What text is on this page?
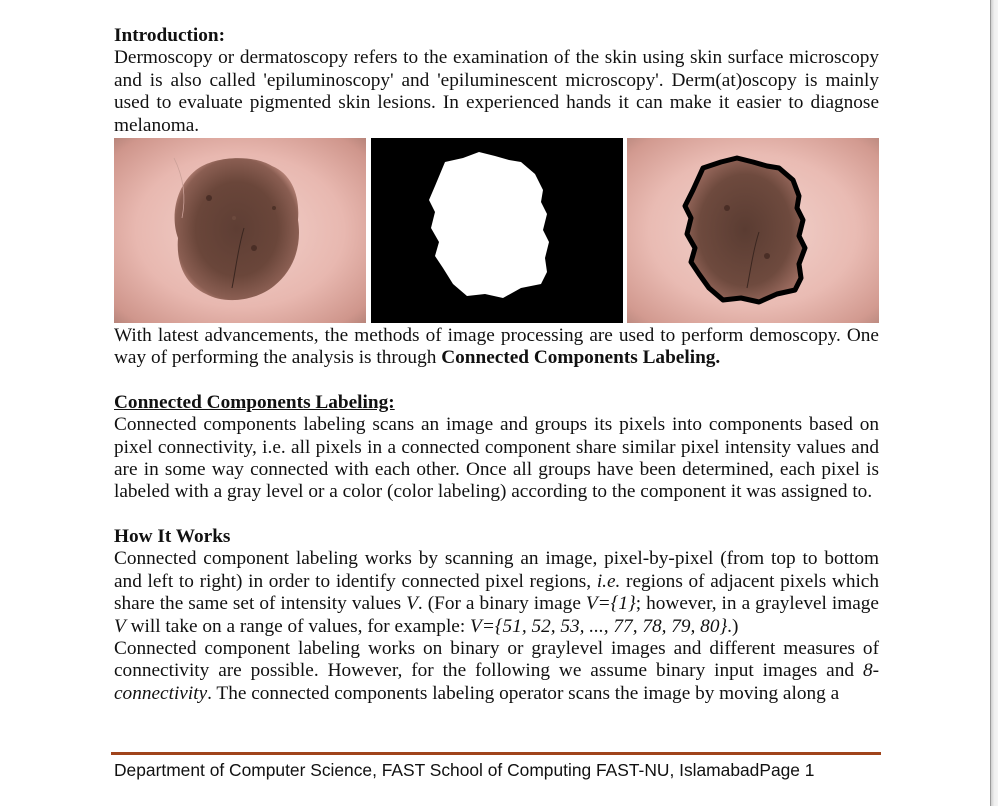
Introduction:

Dermoscopy or dermatoscopy refers to the examination of the skin using skin surface microscopy and is also called 'epiluminoscopy' and 'epiluminescent microscopy'. Derm(at)oscopy is mainly used to evaluate pigmented skin lesions. In experienced hands it can make it easier to diagnose melanoma.

With latest advancements, the methods of image processing are used to perform demoscopy. One way of performing the analysis is through Connected Components Labeling.

Connected Components Labeling:

Connected components labeling scans an image and groups its pixels into components based on pixel connectivity, i.e. all pixels in a connected component share similar pixel intensity values and are in some way connected with each other. Once all groups have been determined, each pixel is labeled with a gray level or a color (color labeling) according to the component it was assigned to.

How It Works

Connected component labeling works by scanning an image, pixel-by-pixel (from top to bottom and left to right) in order to identify connected pixel regions, i.e. regions of adjacent pixels which share the same set of intensity values V. (For a binary image V={1}; however, in a graylevel image V will take on a range of values, for example: V={51, 52, 53, ..., 77, 78, 79, 80}.)

Connected component labeling works on binary or graylevel images and different measures of connectivity are possible. However, for the following we assume binary input images and 8-connectivity. The connected components labeling operator scans the image by moving along a

Department of Computer Science, FAST School of Computing FAST-NU, IslamabadPage 1
